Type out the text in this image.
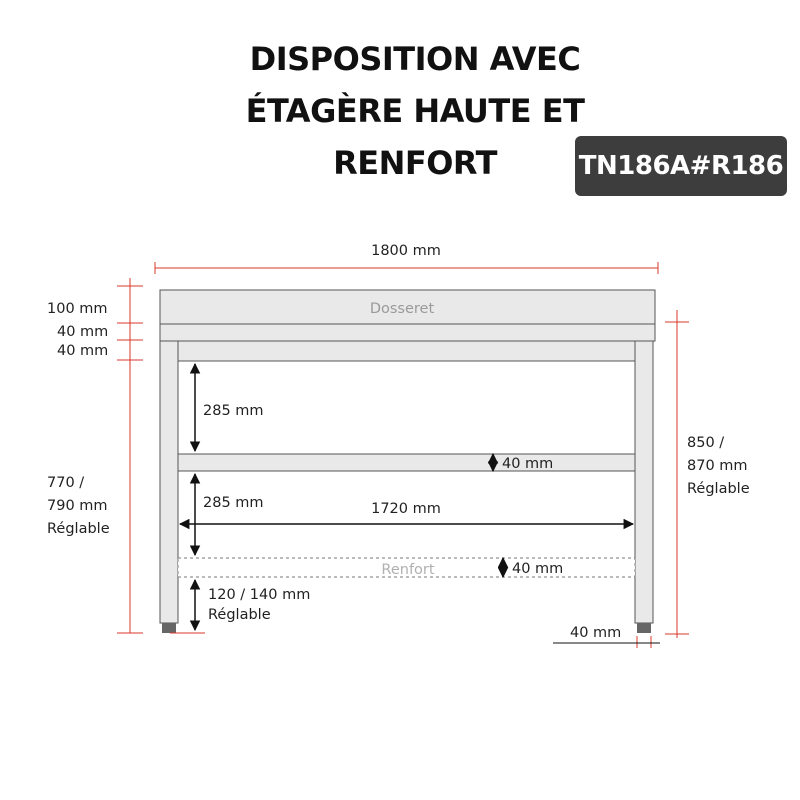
DISPOSITION AVEC
ÉTAGÈRE HAUTE ET
RENFORT	TN186A#R186
Dosseret
Renfort
1800 mm
100 mm
40 mm
40 mm
770 /
790 mm
Réglable
285 mm
40 mm
285 mm	1720 mm
40 mm
120 / 140 mm
Réglable
850 /
870 mm
Réglable
40 mm
